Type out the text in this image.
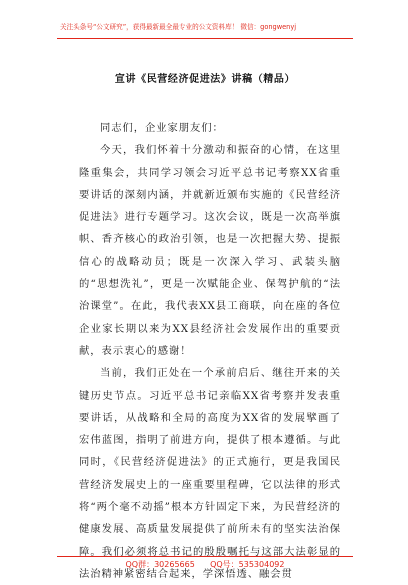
关注头条号“公文研究”，获得最新最全最专业的公文资料库！ 微信：gongwenyj
宣讲《民营经济促进法》讲稿（精品）

同志们，企业家朋友们：

今天，我们怀着十分激动和振奋的心情，在这里隆重集会，共同学习领会习近平总书记考察XX省重要讲话的深刻内涵，并就新近颁布实施的《民营经济促进法》进行专题学习。这次会议，既是一次高举旗帜、香齐核心的政治引领，也是一次把握大势、提振信心的战略动员；既是一次深入学习、武装头脑的“思想洗礼”，更是一次赋能企业、保驾护航的“法治课堂”。在此，我代表XX县工商联，向在座的各位企业家长期以来为XX县经济社会发展作出的重要贡献，表示衷心的感谢！

当前，我们正处在一个承前启后、继往开来的关键历史节点。习近平总书记亲临XX省考察并发表重要讲话，从战略和全局的高度为XX省的发展擘画了宏伟蓝图，指明了前进方向，提供了根本遵循。与此同时，《民营经济促进法》的正式施行，更是我国民营经济发展史上的一座重要里程碑，它以法律的形式将“两个毫不动摇”根本方针固定下来，为民营经济的健康发展、高质量发展提供了前所未有的坚实法治保障。我们必须将总书记的殷殷嘱托与这部大法彰显的法治精神紧密结合起来，学深悟透、融会贯

QQ群：30265665      QQ号：535304092
